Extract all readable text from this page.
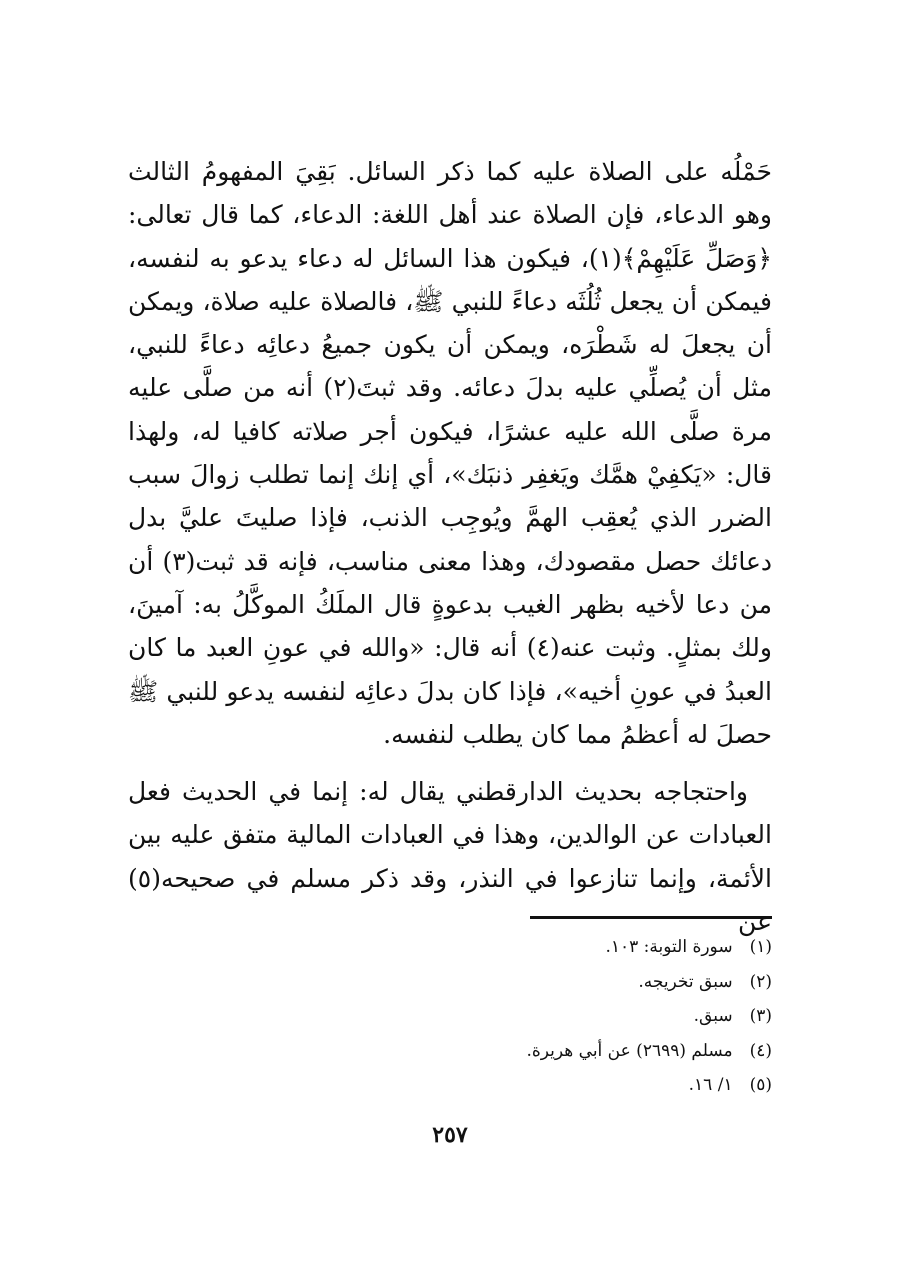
حَمْلُه على الصلاة عليه كما ذكر السائل. بَقِيَ المفهومُ الثالث وهو الدعاء، فإن الصلاة عند أهل اللغة: الدعاء، كما قال تعالى: ﴿وَصَلِّ عَلَيْهِمْ﴾(١)، فيكون هذا السائل له دعاء يدعو به لنفسه، فيمكن أن يجعل ثُلُثَه دعاءً للنبي ﷺ، فالصلاة عليه صلاة، ويمكن أن يجعلَ له شَطْرَه، ويمكن أن يكون جميعُ دعائِه دعاءً للنبي، مثل أن يُصلِّي عليه بدلَ دعائه. وقد ثبتَ(٢) أنه من صلَّى عليه مرة صلَّى الله عليه عشرًا، فيكون أجر صلاته كافيا له، ولهذا قال: «يَكفِيْ همَّك ويَغفِر ذنبَك»، أي إنك إنما تطلب زوالَ سبب الضرر الذي يُعقِب الهمَّ ويُوجِب الذنب، فإذا صليتَ عليَّ بدل دعائك حصل مقصودك، وهذا معنى مناسب، فإنه قد ثبت(٣) أن من دعا لأخيه بظهر الغيب بدعوةٍ قال الملَكُ الموكَّلُ به: آمينَ، ولك بمثلٍ. وثبت عنه(٤) أنه قال: «والله في عونِ العبد ما كان العبدُ في عونِ أخيه»، فإذا كان بدلَ دعائِه لنفسه يدعو للنبي ﷺ حصلَ له أعظمُ مما كان يطلب لنفسه.

واحتجاجه بحديث الدارقطني يقال له: إنما في الحديث فعل العبادات عن الوالدين، وهذا في العبادات المالية متفق عليه بين الأئمة، وإنما تنازعوا في النذر، وقد ذكر مسلم في صحيحه(٥) عن

(١) سورة التوبة: ١٠٣.
(٢) سبق تخريجه.
(٣) سبق.
(٤) مسلم (٢٦٩٩) عن أبي هريرة.
(٥) ١/ ١٦.
٢٥٧
